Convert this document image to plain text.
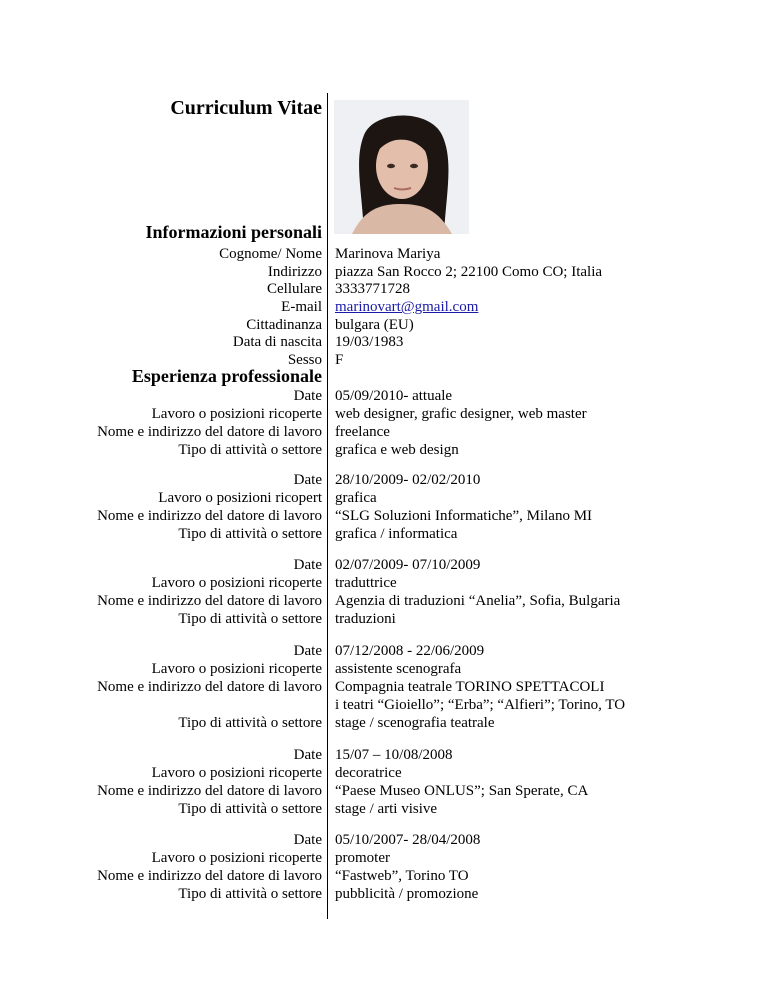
Curriculum Vitae
Informazioni personali
Cognome/ Nome Marinova Mariya
Indirizzo piazza San Rocco 2; 22100 Como CO; Italia
Cellulare 3333771728
E-mail marinovart@gmail.com
Cittadinanza bulgara (EU)
Data di nascita 19/03/1983
Sesso F
Esperienza professionale
Date 05/09/2010- attuale
Lavoro o posizioni ricoperte web designer, grafic designer, web master
Nome e indirizzo del datore di lavoro freelance
Tipo di attività o settore grafica e web design
Date 28/10/2009- 02/02/2010
Lavoro o posizioni ricopert grafica
Nome e indirizzo del datore di lavoro “SLG Soluzioni Informatiche”, Milano MI
Tipo di attività o settore grafica / informatica
Date 02/07/2009- 07/10/2009
Lavoro o posizioni ricoperte traduttrice
Nome e indirizzo del datore di lavoro Agenzia di traduzioni “Anelia”, Sofia, Bulgaria
Tipo di attività o settore traduzioni
Date 07/12/2008 - 22/06/2009
Lavoro o posizioni ricoperte assistente scenografa
Nome e indirizzo del datore di lavoro Compagnia teatrale TORINO SPETTACOLI
i teatri “Gioiello”; “Erba”; “Alfieri”; Torino, TO
Tipo di attività o settore stage / scenografia teatrale
Date 15/07 – 10/08/2008
Lavoro o posizioni ricoperte decoratrice
Nome e indirizzo del datore di lavoro “Paese Museo ONLUS”; San Sperate, CA
Tipo di attività o settore stage / arti visive
Date 05/10/2007- 28/04/2008
Lavoro o posizioni ricoperte promoter
Nome e indirizzo del datore di lavoro “Fastweb”, Torino TO
Tipo di attività o settore pubblicità / promozione
